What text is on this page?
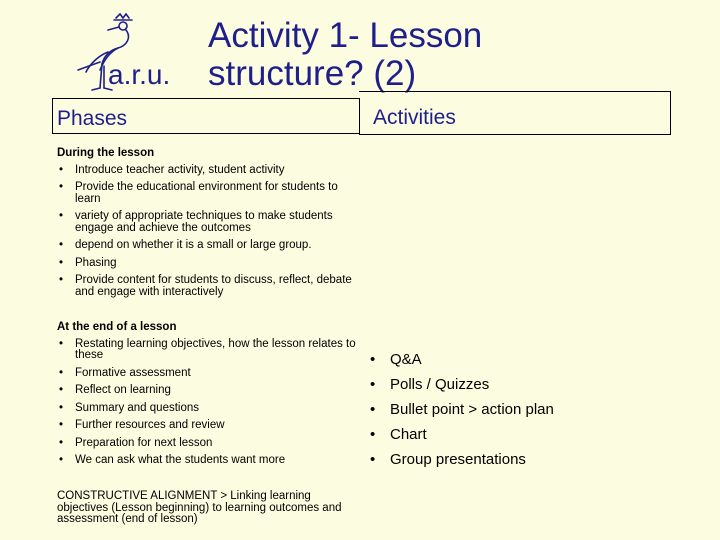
a.r.u.
Activity 1- Lesson
structure? (2)
Phases	Activities
During the lesson
• Introduce teacher activity, student activity
• Provide the educational environment for students to learn
• variety of appropriate techniques to make students engage and achieve the outcomes
• depend on whether it is a small or large group.
• Phasing
• Provide content for students to discuss, reflect, debate and engage with interactively
At the end of a lesson
• Restating learning objectives, how the lesson relates to these
• Formative assessment
• Reflect on learning
• Summary and questions
• Further resources and review
• Preparation for next lesson
• We can ask what the students want more
CONSTRUCTIVE ALIGNMENT > Linking learning objectives (Lesson beginning) to learning outcomes and assessment (end of lesson)
• Q&A
• Polls / Quizzes
• Bullet point > action plan
• Chart
• Group presentations
